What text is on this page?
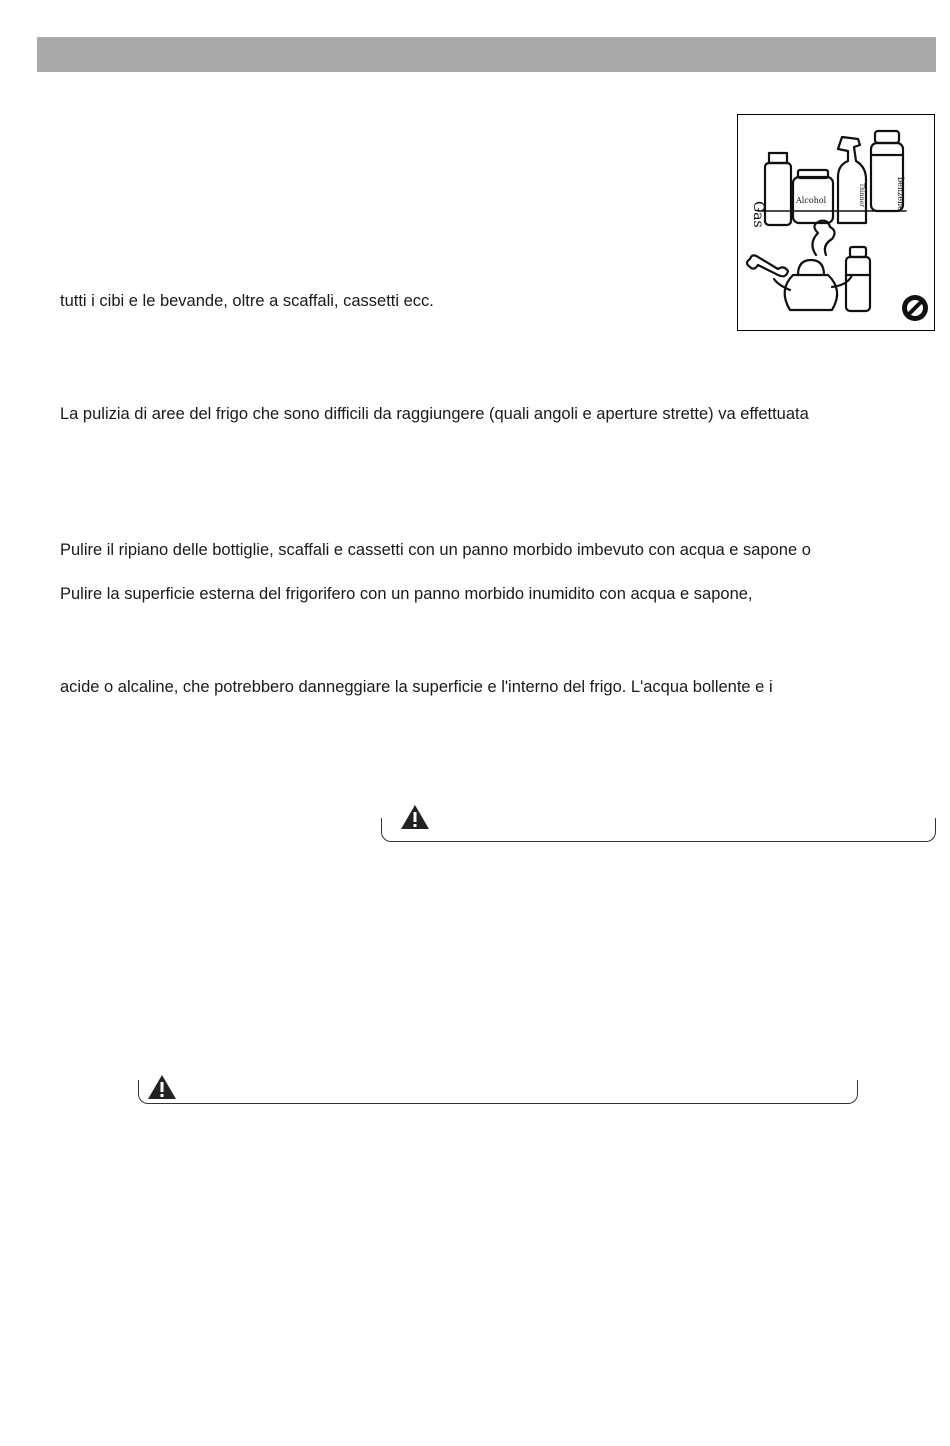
tutti i cibi e le bevande, oltre a scaffali, cassetti ecc.
La pulizia di aree del frigo che sono difficili da raggiungere (quali angoli e aperture strette) va effettuata
Pulire il ripiano delle bottiglie, scaffali e cassetti con un panno morbido imbevuto con acqua e sapone o
Pulire la superficie esterna del frigorifero con un panno morbido inumidito con acqua e sapone,
acide o alcaline, che potrebbero danneggiare la superficie e l'interno del frigo. L'acqua bollente e i
Gas
Alcohol	Thinner	benzene
